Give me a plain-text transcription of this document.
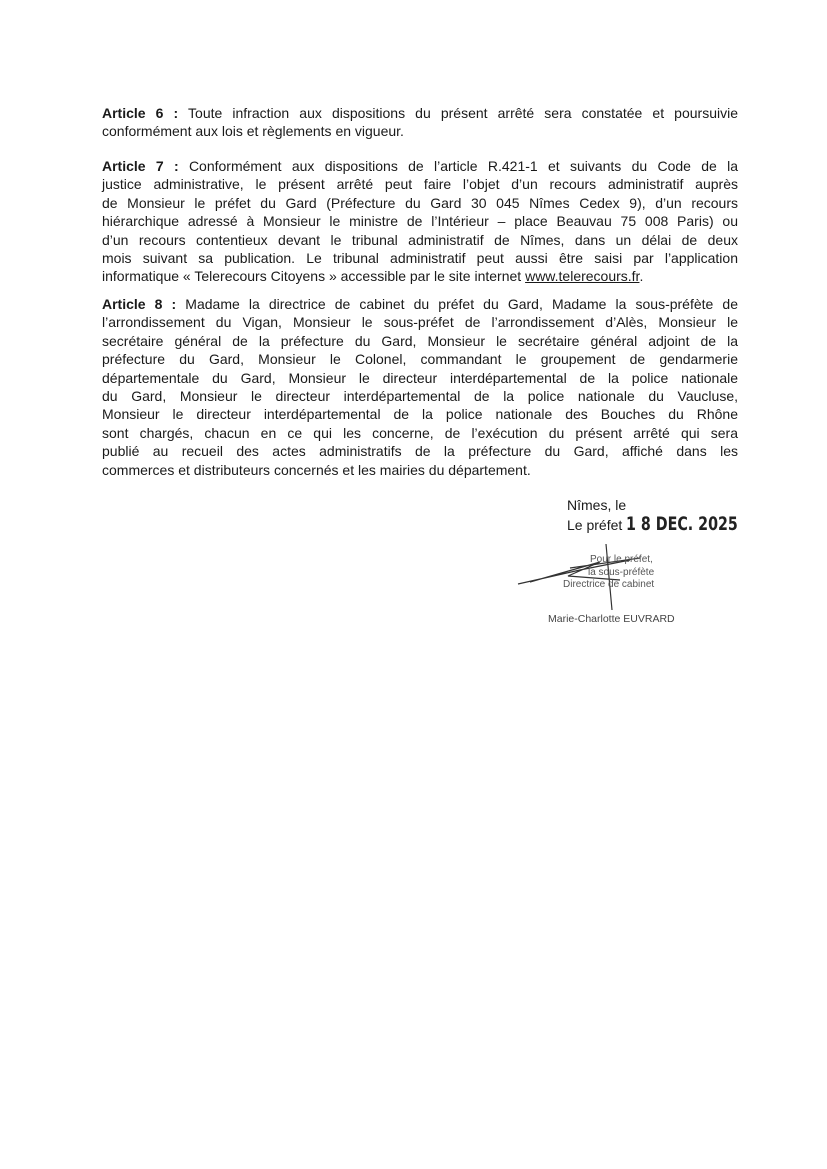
Article 6 : Toute infraction aux dispositions du présent arrêté sera constatée et poursuivie
conformément aux lois et règlements en vigueur.
Article 7 : Conformément aux dispositions de l’article R.421-1 et suivants du Code de la
justice administrative, le présent arrêté peut faire l’objet d’un recours administratif auprès
de Monsieur le préfet du Gard (Préfecture du Gard 30 045 Nîmes Cedex 9), d’un recours
hiérarchique adressé à Monsieur le ministre de l’Intérieur – place Beauvau 75 008 Paris) ou
d’un recours contentieux devant le tribunal administratif de Nîmes, dans un délai de deux
mois suivant sa publication. Le tribunal administratif peut aussi être saisi par l’application
informatique « Telerecours Citoyens » accessible par le site internet www.telerecours.fr.
Article 8 : Madame la directrice de cabinet du préfet du Gard, Madame la sous-préfète de
l’arrondissement du Vigan, Monsieur le sous-préfet de l’arrondissement d’Alès, Monsieur le
secrétaire général de la préfecture du Gard, Monsieur le secrétaire général adjoint de la
préfecture du Gard, Monsieur le Colonel, commandant le groupement de gendarmerie
départementale du Gard, Monsieur le directeur interdépartemental de la police nationale
du Gard, Monsieur le directeur interdépartemental de la police nationale du Vaucluse,
Monsieur le directeur interdépartemental de la police nationale des Bouches du Rhône
sont chargés, chacun en ce qui les concerne, de l’exécution du présent arrêté qui sera
publié au recueil des actes administratifs de la préfecture du Gard, affiché dans les
commerces et distributeurs concernés et les mairies du département.
Nîmes, le
Le préfet 1 8 DEC. 2025
Pour le préfet,
la sous-préfète
Directrice de cabinet
Marie-Charlotte EUVRARD
